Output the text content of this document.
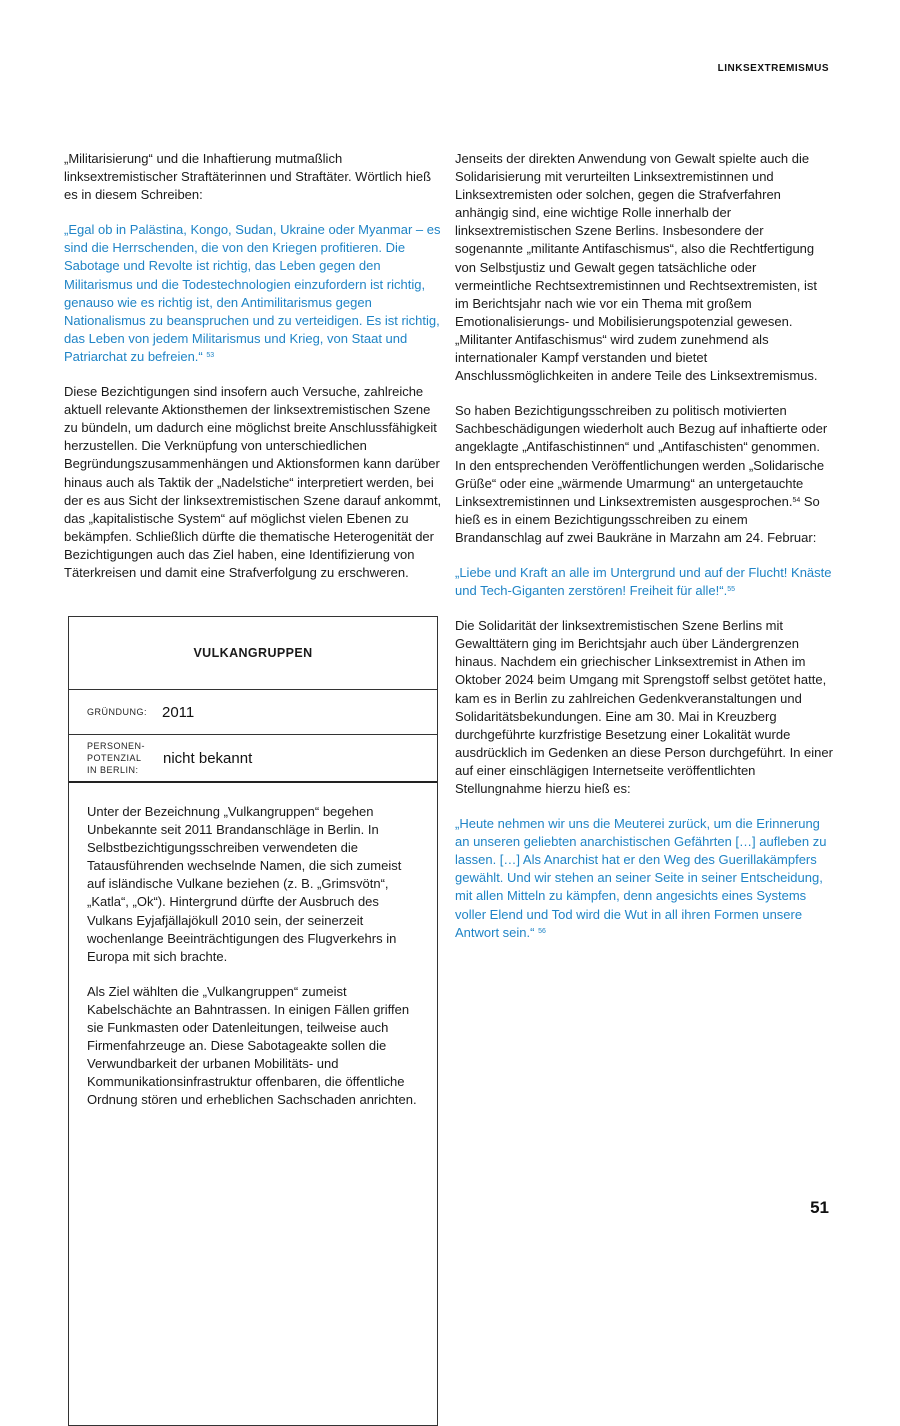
LINKSEXTREMISMUS

„Militarisierung“ und die Inhaftierung mutmaßlich linksextremistischer Straftäterinnen und Straftäter. Wörtlich hieß es in diesem Schreiben:

„Egal ob in Palästina, Kongo, Sudan, Ukraine oder Myanmar – es sind die Herrschenden, die von den Kriegen profitieren. Die Sabotage und Revolte ist richtig, das Leben gegen den Militarismus und die Todestechnologien einzufordern ist richtig, genauso wie es richtig ist, den Antimilitarismus gegen Nationalismus zu beanspruchen und zu verteidigen. Es ist richtig, das Leben von jedem Militarismus und Krieg, von Staat und Patriarchat zu befreien.“ $^{53}$

Diese Bezichtigungen sind insofern auch Versuche, zahlreiche aktuell relevante Aktionsthemen der linksextremistischen Szene zu bündeln, um dadurch eine möglichst breite Anschlussfähigkeit herzustellen. Die Verknüpfung von unterschiedlichen Begründungszusammenhängen und Aktionsformen kann darüber hinaus auch als Taktik der „Nadelstiche“ interpretiert werden, bei der es aus Sicht der linksextremistischen Szene darauf ankommt, das „kapitalistische System“ auf möglichst vielen Ebenen zu bekämpfen. Schließlich dürfte die thematische Heterogenität der Bezichtigungen auch das Ziel haben, eine Identifizierung von Täterkreisen und damit eine Strafverfolgung zu erschweren.

VULKANGRUPPEN
GRÜNDUNG:	2011
PERSONEN-
POTENZIAL
IN BERLIN:
nicht bekannt

Unter der Bezeichnung „Vulkangruppen“ begehen Unbekannte seit 2011 Brandanschläge in Berlin. In Selbstbezichtigungsschreiben verwendeten die Tatausführenden wechselnde Namen, die sich zumeist auf isländische Vulkane beziehen (z. B. „Grimsvötn“, „Katla“, „Ok“). Hintergrund dürfte der Ausbruch des Vulkans Eyjafjällajökull 2010 sein, der seinerzeit wochenlange Beeinträchtigungen des Flugverkehrs in Europa mit sich brachte.

Als Ziel wählten die „Vulkangruppen“ zumeist Kabelschächte an Bahntrassen. In einigen Fällen griffen sie Funkmasten oder Datenleitungen, teilweise auch Firmenfahrzeuge an. Diese Sabotageakte sollen die Verwundbarkeit der urbanen Mobilitäts- und Kommunikationsinfrastruktur offenbaren, die öffentliche Ordnung stören und erheblichen Sachschaden anrichten.

Jenseits der direkten Anwendung von Gewalt spielte auch die Solidarisierung mit verurteilten Linksextremistinnen und Linksextremisten oder solchen, gegen die Strafverfahren anhängig sind, eine wichtige Rolle innerhalb der linksextremistischen Szene Berlins. Insbesondere der sogenannte „militante Antifaschismus“, also die Rechtfertigung von Selbstjustiz und Gewalt gegen tatsächliche oder vermeintliche Rechtsextremistinnen und Rechtsextremisten, ist im Berichtsjahr nach wie vor ein Thema mit großem Emotionalisierungs- und Mobilisierungspotenzial gewesen. „Militanter Antifaschismus“ wird zudem zunehmend als internationaler Kampf verstanden und bietet Anschlussmöglichkeiten in andere Teile des Linksextremismus.

So haben Bezichtigungsschreiben zu politisch motivierten Sachbeschädigungen wiederholt auch Bezug auf inhaftierte oder angeklagte „Antifaschistinnen“ und „Antifaschisten“ genommen. In den entsprechenden Veröffentlichungen werden „Solidarische Grüße“ oder eine „wärmende Umarmung“ an untergetauchte Linksextremistinnen und Linksextremisten ausgesprochen.$^{54}$ So hieß es in einem Bezichtigungsschreiben zu einem Brandanschlag auf zwei Baukräne in Marzahn am 24. Februar:

„Liebe und Kraft an alle im Untergrund und auf der Flucht! Knäste und Tech-Giganten zerstören! Freiheit für alle!“.$^{55}$

Die Solidarität der linksextremistischen Szene Berlins mit Gewalttätern ging im Berichtsjahr auch über Ländergrenzen hinaus. Nachdem ein griechischer Linksextremist in Athen im Oktober 2024 beim Umgang mit Sprengstoff selbst getötet hatte, kam es in Berlin zu zahlreichen Gedenkveranstaltungen und Solidaritätsbekundungen. Eine am 30. Mai in Kreuzberg durchgeführte kurzfristige Besetzung einer Lokalität wurde ausdrücklich im Gedenken an diese Person durchgeführt. In einer auf einer einschlägigen Internetseite veröffentlichten Stellungnahme hierzu hieß es:

„Heute nehmen wir uns die Meuterei zurück, um die Erinnerung an unseren geliebten anarchistischen Gefährten […] aufleben zu lassen. […] Als Anarchist hat er den Weg des Guerillakämpfers gewählt. Und wir stehen an seiner Seite in seiner Entscheidung, mit allen Mitteln zu kämpfen, denn angesichts eines Systems voller Elend und Tod wird die Wut in all ihren Formen unsere Antwort sein.“ $^{56}$

51
